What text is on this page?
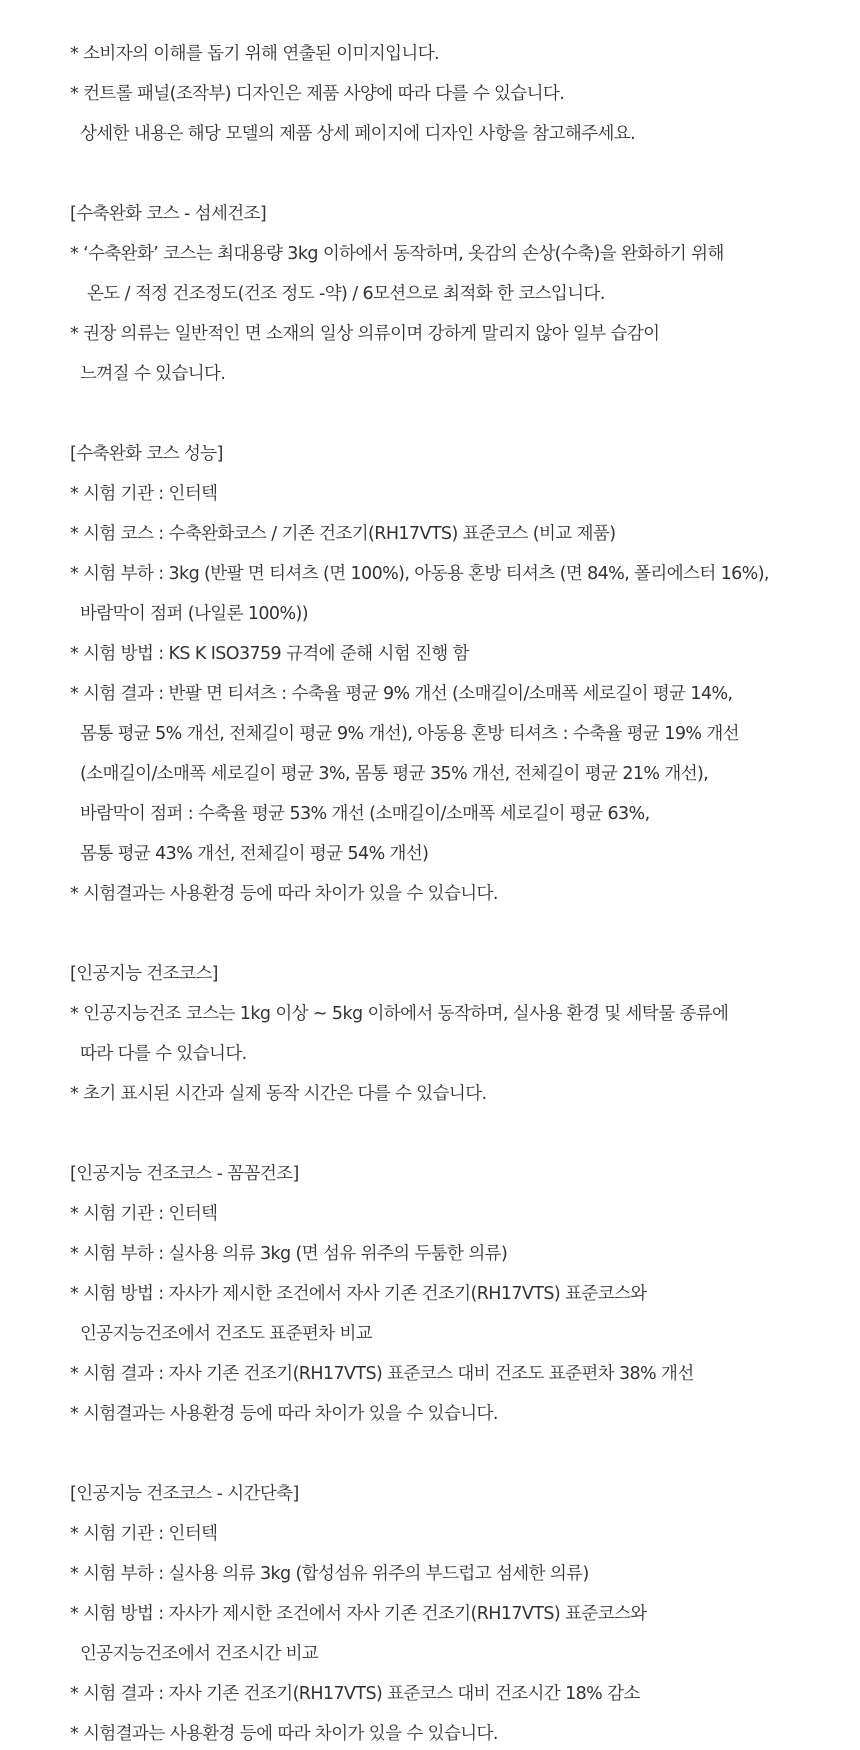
* 소비자의 이해를 돕기 위해 연출된 이미지입니다.
* 컨트롤 패널(조작부) 디자인은 제품 사양에 따라 다를 수 있습니다.
상세한 내용은 해당 모델의 제품 상세 페이지에 디자인 사항을 참고해주세요.
[수축완화 코스 - 섬세건조]
* ‘수축완화’ 코스는 최대용량 3kg 이하에서 동작하며, 옷감의 손상(수축)을 완화하기 위해
온도 / 적정 건조정도(건조 정도 -약) / 6모션으로 최적화 한 코스입니다.
* 권장 의류는 일반적인 면 소재의 일상 의류이며 강하게 말리지 않아 일부 습감이
느껴질 수 있습니다.
[수축완화 코스 성능]
* 시험 기관 : 인터텍
* 시험 코스 : 수축완화코스 / 기존 건조기(RH17VTS) 표준코스 (비교 제품)
* 시험 부하 : 3kg (반팔 면 티셔츠 (면 100%), 아동용 혼방 티셔츠 (면 84%, 폴리에스터 16%),
바람막이 점퍼 (나일론 100%))
* 시험 방법 : KS K ISO3759 규격에 준해 시험 진행 함
* 시험 결과 : 반팔 면 티셔츠 : 수축율 평균 9% 개선 (소매길이/소매폭 세로길이 평균 14%,
몸통 평균 5% 개선, 전체길이 평균 9% 개선), 아동용 혼방 티셔츠 : 수축율 평균 19% 개선
(소매길이/소매폭 세로길이 평균 3%, 몸통 평균 35% 개선, 전체길이 평균 21% 개선),
바람막이 점퍼 : 수축율 평균 53% 개선 (소매길이/소매폭 세로길이 평균 63%,
몸통 평균 43% 개선, 전체길이 평균 54% 개선)
* 시험결과는 사용환경 등에 따라 차이가 있을 수 있습니다.
[인공지능 건조코스]
* 인공지능건조 코스는 1kg 이상 ~ 5kg 이하에서 동작하며, 실사용 환경 및 세탁물 종류에
따라 다를 수 있습니다.
* 초기 표시된 시간과 실제 동작 시간은 다를 수 있습니다.
[인공지능 건조코스 - 꼼꼼건조]
* 시험 기관 : 인터텍
* 시험 부하 : 실사용 의류 3kg (면 섬유 위주의 두툼한 의류)
* 시험 방법 : 자사가 제시한 조건에서 자사 기존 건조기(RH17VTS) 표준코스와
인공지능건조에서 건조도 표준편차 비교
* 시험 결과 : 자사 기존 건조기(RH17VTS) 표준코스 대비 건조도 표준편차 38% 개선
* 시험결과는 사용환경 등에 따라 차이가 있을 수 있습니다.
[인공지능 건조코스 - 시간단축]
* 시험 기관 : 인터텍
* 시험 부하 : 실사용 의류 3kg (합성섬유 위주의 부드럽고 섬세한 의류)
* 시험 방법 : 자사가 제시한 조건에서 자사 기존 건조기(RH17VTS) 표준코스와
인공지능건조에서 건조시간 비교
* 시험 결과 : 자사 기존 건조기(RH17VTS) 표준코스 대비 건조시간 18% 감소
* 시험결과는 사용환경 등에 따라 차이가 있을 수 있습니다.
